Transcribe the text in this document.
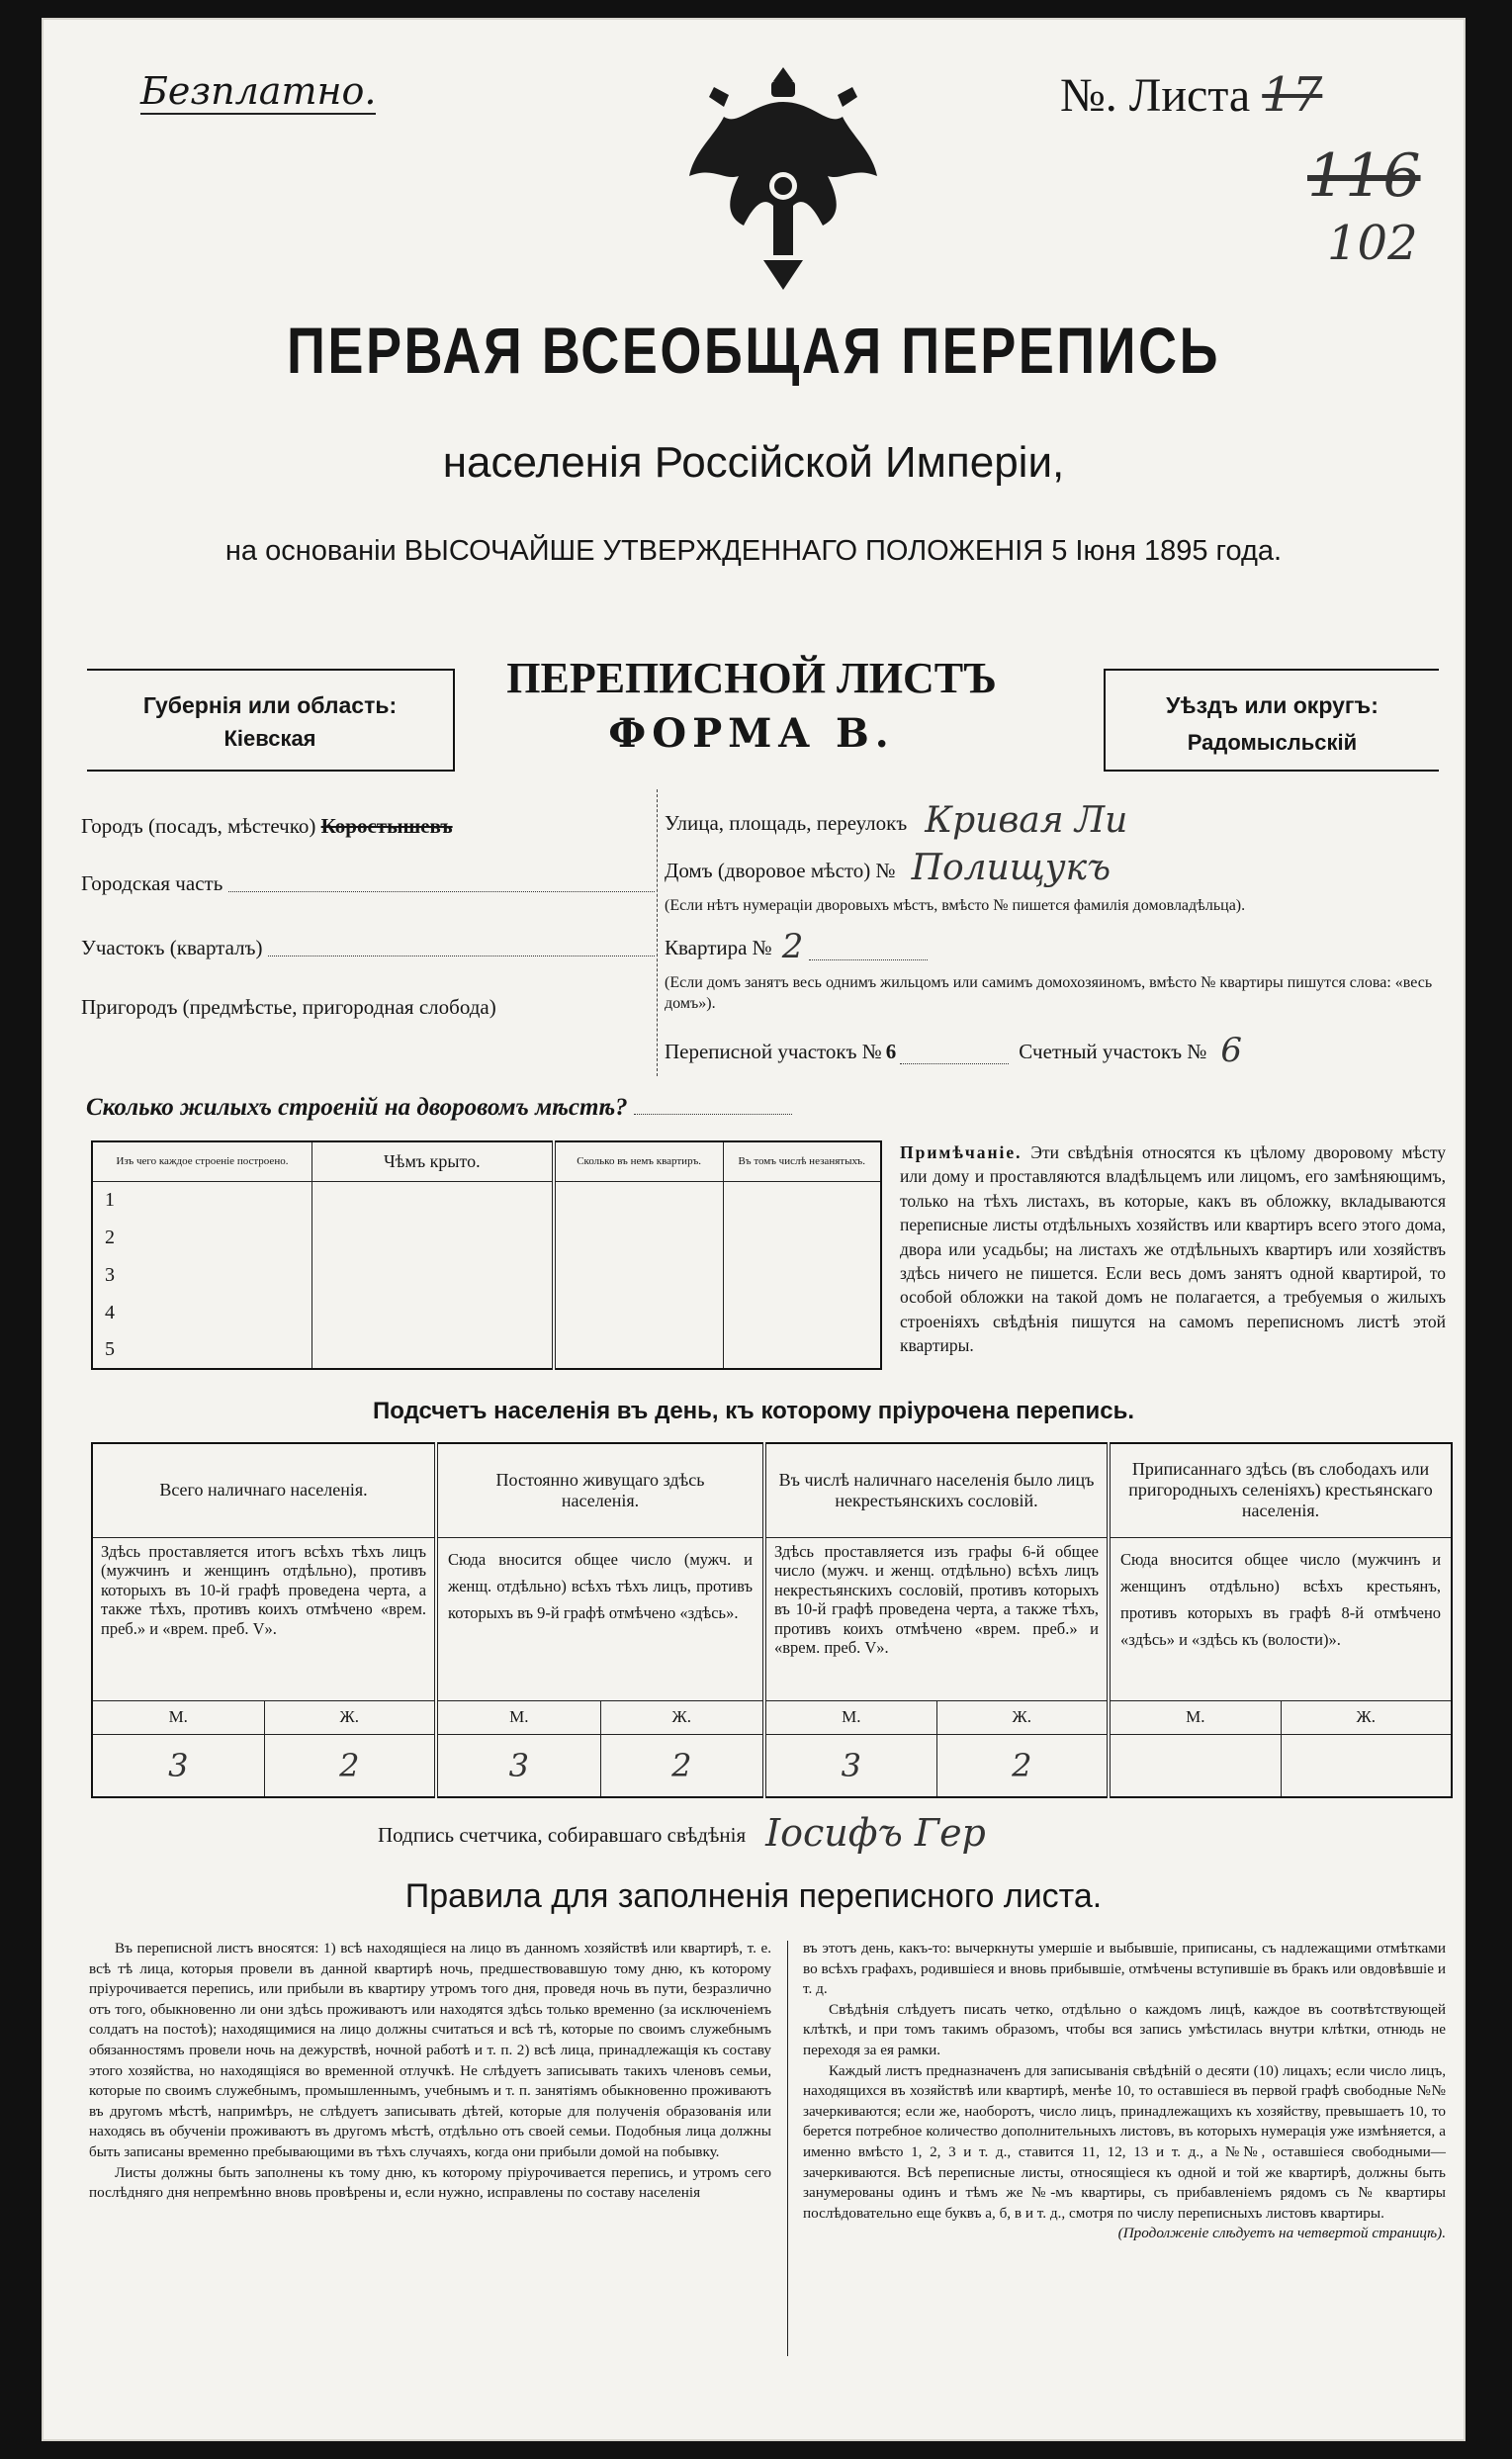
Безплатно.	№. Листа 17
116
102
ПЕРВАЯ ВСЕОБЩАЯ ПЕРЕПИСЬ
населенія Россійской Имперіи,
на основаніи ВЫСОЧАЙШЕ УТВЕРЖДЕННАГО ПОЛОЖЕНІЯ 5 Іюня 1895 года.
Губернія или область:
Кіевская
ПЕРЕПИСНОЙ ЛИСТЪ
ФОРМА В.
Уѣздъ или округъ:
Радомысльскій
Городъ (посадъ, мѣстечко) Коростышевъ
Городская часть
Участокъ (кварталъ)
Пригородъ (предмѣстье, пригородная слобода)
Улица, площадь, переулокъ Кривая Ли
Домъ (дворовое мѣсто) № Полищукъ
(Если нѣтъ нумераціи дворовыхъ мѣстъ, вмѣсто № пишется фамилія домовладѣльца).
Квартира № 2
(Если домъ занятъ весь однимъ жильцомъ или самимъ домохозяиномъ, вмѣсто № квартиры пишутся слова: «весь домъ»).
Переписной участокъ № 6	Счетный участокъ № 6
Сколько жилыхъ строеній на дворовомъ мѣстѣ?
Изъ чего каждое строеніе построено.	Чѣмъ крыто.	Сколько въ немъ квартиръ.	Въ томъ числѣ незанятыхъ.
1			
2			
3			
4			
5			
Примѣчаніе. Эти свѣдѣнія относятся къ цѣлому дворовому мѣсту или дому и проставляются владѣльцемъ или лицомъ, его замѣняющимъ, только на тѣхъ листахъ, въ которые, какъ въ обложку, вкладываются переписные листы отдѣльныхъ хозяйствъ или квартиръ всего этого дома, двора или усадьбы; на листахъ же отдѣльныхъ квартиръ или хозяйствъ здѣсь ничего не пишется. Если весь домъ занятъ одной квартирой, то особой обложки на такой домъ не полагается, а требуемыя о жилыхъ строеніяхъ свѣдѣнія пишутся на самомъ переписномъ листѣ этой квартиры.
Подсчетъ населенія въ день, къ которому пріурочена перепись.
Всего наличнаго населенія.		Постоянно живущаго здѣсь населенія.		Въ числѣ наличнаго населенія было лицъ некрестьянскихъ сословій.		Приписаннаго здѣсь (въ слободахъ или пригородныхъ селеніяхъ) крестьянскаго населенія.	
Здѣсь проставляется итогъ всѣхъ тѣхъ лицъ (мужчинъ и женщинъ отдѣльно), противъ которыхъ въ 10-й графѣ проведена черта, а также тѣхъ, противъ коихъ отмѣчено «врем. преб.» и «врем. преб. V».		Сюда вносится общее число (мужч. и женщ. отдѣльно) всѣхъ тѣхъ лицъ, противъ которыхъ въ 9-й графѣ отмѣчено «здѣсь».		Здѣсь проставляется изъ графы 6-й общее число (мужч. и женщ. отдѣльно) всѣхъ лицъ некрестьянскихъ сословій, противъ которыхъ въ 10-й графѣ проведена черта, а также тѣхъ, противъ коихъ отмѣчено «врем. преб.» и «врем. преб. V».		Сюда вносится общее число (мужчинъ и женщинъ отдѣльно) всѣхъ крестьянъ, противъ которыхъ въ графѣ 8-й отмѣчено «здѣсь» и «здѣсь къ (волости)».	
М.	Ж.	М.	Ж.	М.	Ж.	М.	Ж.
3	2	3	2	3	2		
Подпись счетчика, собиравшаго свѣдѣнія Іосифъ Гер
Правила для заполненія переписного листа.

Въ переписной листъ вносятся: 1) всѣ находящіеся на лицо въ данномъ хозяйствѣ или квартирѣ, т. е. всѣ тѣ лица, которыя провели въ данной квартирѣ ночь, предшествовавшую тому дню, къ которому пріурочивается перепись, или прибыли въ квартиру утромъ того дня, проведя ночь въ пути, безразлично отъ того, обыкновенно ли они здѣсь проживаютъ или находятся здѣсь только временно (за исключеніемъ солдатъ на постоѣ); находящимися на лицо должны считаться и всѣ тѣ, которые по своимъ служебнымъ обязанностямъ провели ночь на дежурствѣ, ночной работѣ и т. п. 2) всѣ лица, принадлежащія къ составу этого хозяйства, но находящіяся во временной отлучкѣ. Не слѣдуетъ записывать такихъ членовъ семьи, которые по своимъ служебнымъ, промышленнымъ, учебнымъ и т. п. занятіямъ обыкновенно проживаютъ въ другомъ мѣстѣ, напримѣръ, не слѣдуетъ записывать дѣтей, которые для полученія образованія или находясь въ обученіи проживаютъ въ другомъ мѣстѣ, отдѣльно отъ своей семьи. Подобныя лица должны быть записаны временно пребывающими въ тѣхъ случаяхъ, когда они прибыли домой на побывку.

Листы должны быть заполнены къ тому дню, къ которому пріурочивается перепись, и утромъ сего послѣдняго дня непремѣнно вновь провѣрены и, если нужно, исправлены по составу населенія

въ этотъ день, какъ-то: вычеркнуты умершіе и выбывшіе, приписаны, съ надлежащими отмѣтками во всѣхъ графахъ, родившіеся и вновь прибывшіе, отмѣчены вступившіе въ бракъ или овдовѣвшіе и т. д.

Свѣдѣнія слѣдуетъ писать четко, отдѣльно о каждомъ лицѣ, каждое въ соотвѣтствующей клѣткѣ, и при томъ такимъ образомъ, чтобы вся запись умѣстилась внутри клѣтки, отнюдь не переходя за ея рамки.

Каждый листъ предназначенъ для записыванія свѣдѣній о десяти (10) лицахъ; если число лицъ, находящихся въ хозяйствѣ или квартирѣ, менѣе 10, то оставшіеся въ первой графѣ свободные №№ зачеркиваются; если же, наоборотъ, число лицъ, принадлежащихъ къ хозяйству, превышаетъ 10, то берется потребное количество дополнительныхъ листовъ, въ которыхъ нумерація уже измѣняется, а именно вмѣсто 1, 2, 3 и т. д., ставится 11, 12, 13 и т. д., а №№, оставшіеся свободными—зачеркиваются. Всѣ переписные листы, относящіеся къ одной и той же квартирѣ, должны быть занумерованы одинъ и тѣмъ же №-мъ квартиры, съ прибавленіемъ рядомъ съ № квартиры послѣдовательно еще буквъ а, б, в и т. д., смотря по числу переписныхъ листовъ квартиры.

(Продолженіе слѣдуетъ на четвертой страницѣ).
